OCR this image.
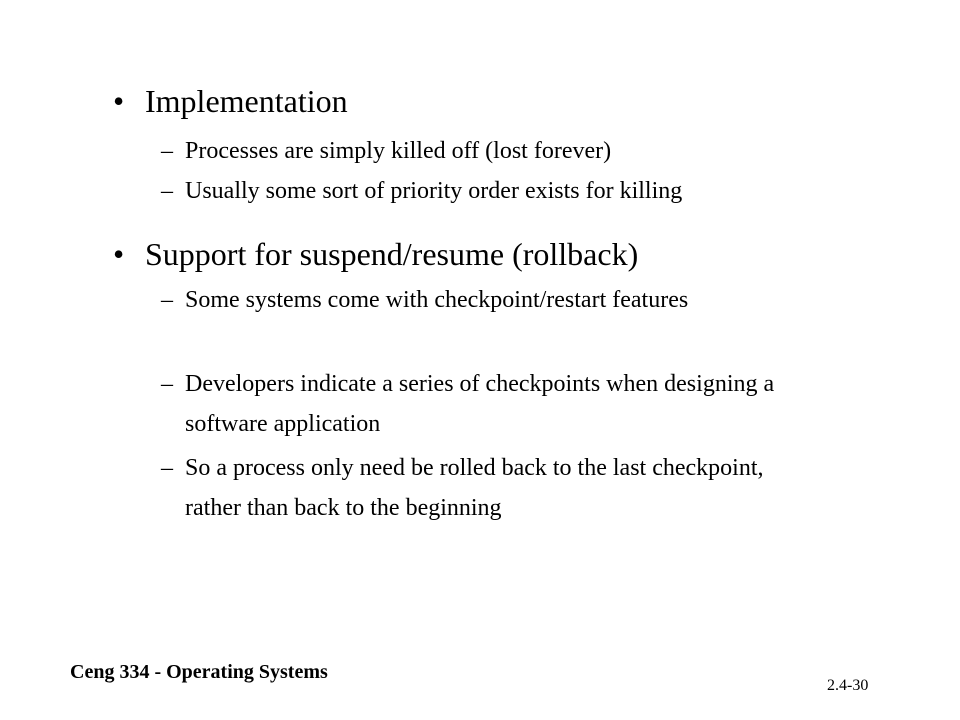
• Implementation
– Processes are simply killed off (lost forever)
– Usually some sort of priority order exists for killing
• Support for suspend/resume (rollback)
– Some systems come with checkpoint/restart features
– Developers indicate a series of checkpoints when designing a software application
– So a process only need be rolled back to the last checkpoint, rather than back to the beginning
Ceng 334 - Operating Systems
2.4-30
